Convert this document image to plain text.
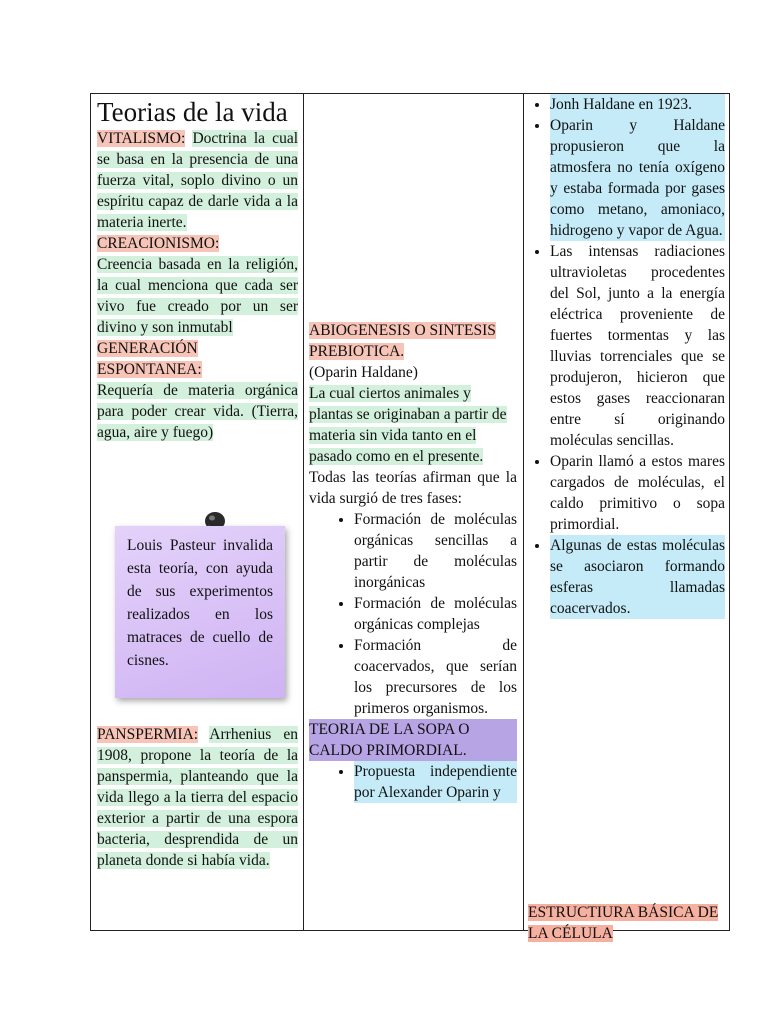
Teorias de la vida

VITALISMO: Doctrina la cual se basa en la presencia de una fuerza vital, soplo divino o un espíritu capaz de darle vida a la materia inerte.

CREACIONISMO:

Creencia basada en la religión, la cual menciona que cada ser vivo fue creado por un ser divino y son inmutabl

GENERACIÓN ESPONTANEA:

Requería de materia orgánica para poder crear vida. (Tierra, agua, aire y fuego)

Louis Pasteur invalida esta teoría, con ayuda de sus experimentos realizados en los matraces de cuello de cisnes.

PANSPERMIA: Arrhenius en 1908, propone la teoría de la panspermia, planteando que la vida llego a la tierra del espacio exterior a partir de una espora bacteria, desprendida de un planeta donde si había vida.

ABIOGENESIS O SINTESIS PREBIOTICA.

(Oparin Haldane)

La cual ciertos animales y plantas se originaban a partir de materia sin vida tanto en el pasado como en el presente.

Todas las teorías afirman que la vida surgió de tres fases:

• Formación de moléculas orgánicas sencillas a partir de moléculas inorgánicas
• Formación de moléculas orgánicas complejas
• Formación de coacervados, que serían los precursores de los primeros organismos.

TEORIA DE LA SOPA O CALDO PRIMORDIAL.

• Propuesta independiente por Alexander Oparin y
• Jonh Haldane en 1923.
• Oparin y Haldane propusieron que la atmosfera no tenía oxígeno y estaba formada por gases como metano, amoniaco, hidrogeno y vapor de Agua.
• Las intensas radiaciones ultravioletas procedentes del Sol, junto a la energía eléctrica proveniente de fuertes tormentas y las lluvias torrenciales que se produjeron, hicieron que estos gases reaccionaran entre sí originando moléculas sencillas.
• Oparin llamó a estos mares cargados de moléculas, el caldo primitivo o sopa primordial.
• Algunas de estas moléculas se asociaron formando esferas llamadas coacervados.

ESTRUCTIURA BÁSICA DE LA CÉLULA
